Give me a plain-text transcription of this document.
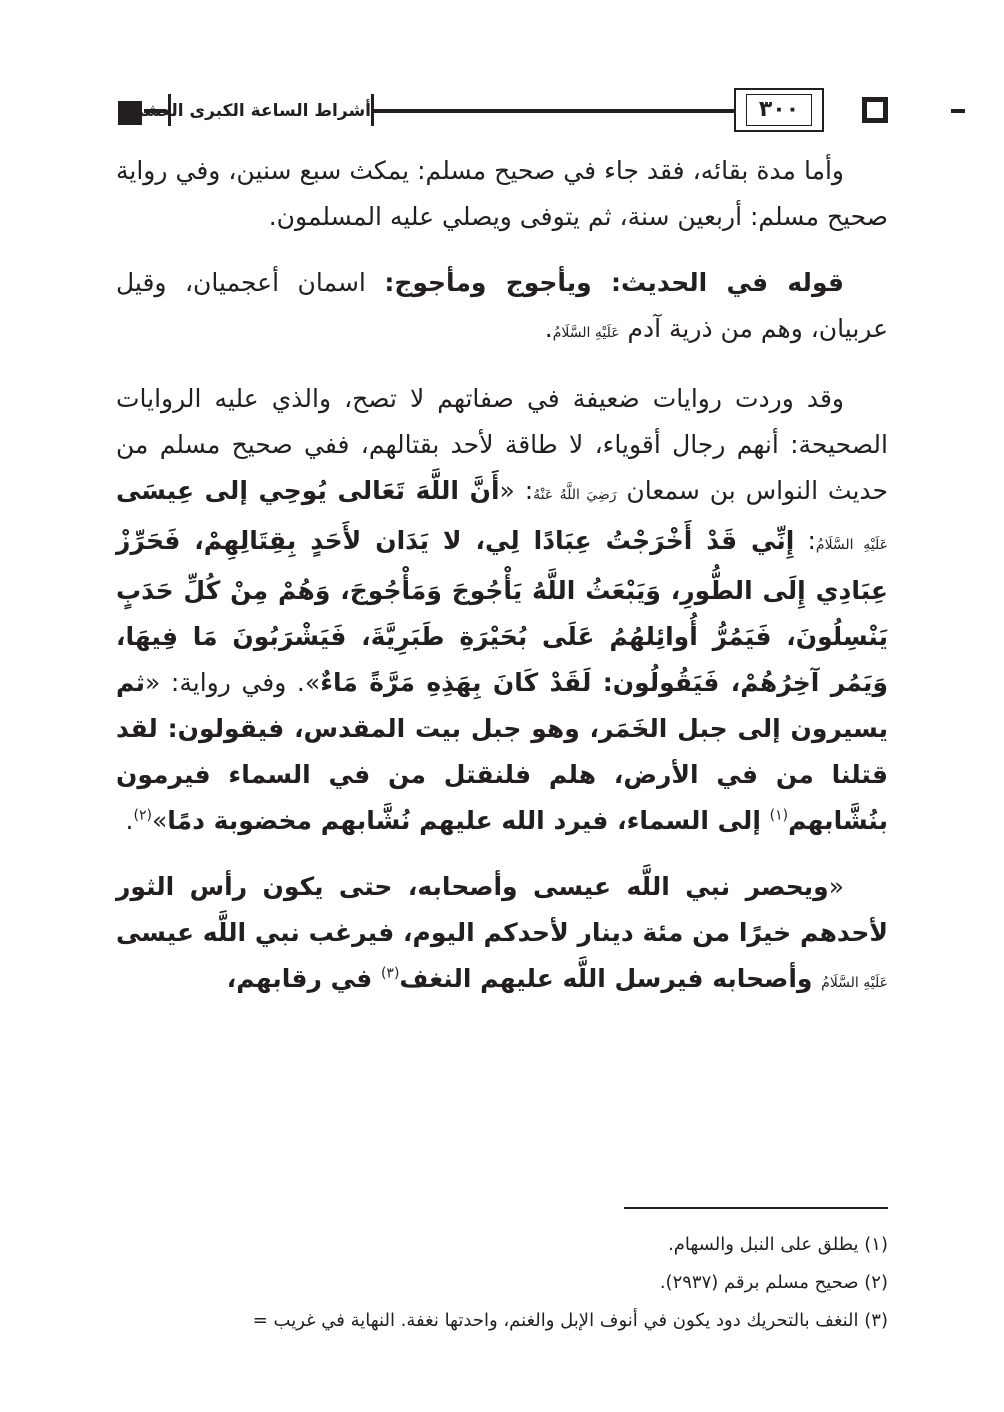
أشراط الساعة الكبرى العشر	٣٠٠

وأما مدة بقائه، فقد جاء في صحيح مسلم: يمكث سبع سنين، وفي رواية صحيح مسلم: أربعين سنة، ثم يتوفى ويصلي عليه المسلمون.

قوله في الحديث: ويأجوج ومأجوج: اسمان أعجميان، وقيل عربيان، وهم من ذرية آدم عَلَيْهِ السَّلَامُ.

وقد وردت روايات ضعيفة في صفاتهم لا تصح، والذي عليه الروايات الصحيحة: أنهم رجال أقوياء، لا طاقة لأحد بقتالهم، ففي صحيح مسلم من حديث النواس بن سمعان رَضِيَ اللَّهُ عَنْهُ: «أَنَّ اللَّهَ تَعَالى يُوحِي إلى عِيسَى عَلَيْهِ السَّلَامُ: إِنِّي قَدْ أَخْرَجْتُ عِبَادًا لِي، لا يَدَان لأَحَدٍ بِقِتَالِهِمْ، فَحَرِّزْ عِبَادِي إِلَى الطُّورِ، وَيَبْعَثُ اللَّهُ يَأْجُوجَ وَمَأْجُوجَ، وَهُمْ مِنْ كُلِّ حَدَبٍ يَنْسِلُونَ، فَيَمُرُّ أُوائِلهُمُ عَلَى بُحَيْرَةِ طَبَرِيَّةَ، فَيَشْرَبُونَ مَا فِيهَا، وَيَمُر آخِرُهُمْ، فَيَقُولُون: لَقَدْ كَانَ بِهَذِهِ مَرَّةً مَاءٌ». وفي رواية: «ثم يسيرون إلى جبل الخَمَر، وهو جبل بيت المقدس، فيقولون: لقد قتلنا من في الأرض، هلم فلنقتل من في السماء فيرمون بنُشَّابهم$^{(١)}$ إلى السماء، فيرد الله عليهم نُشَّابهم مخضوبة دمًا»$^{(٢)}$.

«ويحصر نبي اللَّه عيسى وأصحابه، حتى يكون رأس الثور لأحدهم خيرًا من مئة دينار لأحدكم اليوم، فيرغب نبي اللَّه عيسى عَلَيْهِ السَّلَامُ وأصحابه فيرسل اللَّه عليهم النغف$^{(٣)}$ في رقابهم،

(١) يطلق على النبل والسهام.
(٢) صحيح مسلم برقم (٢٩٣٧).
(٣) النغف بالتحريك دود يكون في أنوف الإبل والغنم، واحدتها نغفة. النهاية في غريب =
